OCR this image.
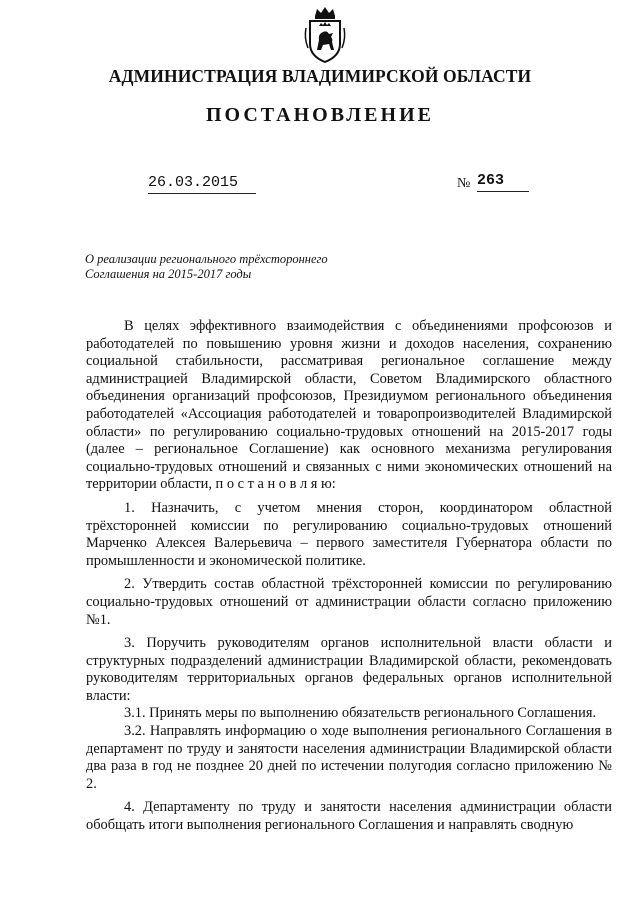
АДМИНИСТРАЦИЯ ВЛАДИМИРСКОЙ ОБЛАСТИ
ПОСТАНОВЛЕНИЕ
26.03.2015	№ 263
О реализации регионального трёхстороннего
Соглашения на 2015-2017 годы

В целях эффективного взаимодействия с объединениями профсоюзов и работодателей по повышению уровня жизни и доходов населения, сохранению социальной стабильности, рассматривая региональное соглашение между администрацией Владимирской области, Советом Владимирского областного объединения организаций профсоюзов, Президиумом регионального объединения работодателей «Ассоциация работодателей и товаропроизводителей Владимирской области» по регулированию социально-трудовых отношений на 2015-2017 годы (далее – региональное Соглашение) как основного механизма регулирования социально-трудовых отношений и связанных с ними экономических отношений на территории области, п о с т а н о в л я ю:

1. Назначить, с учетом мнения сторон, координатором областной трёхсторонней комиссии по регулированию социально-трудовых отношений Марченко Алексея Валерьевича – первого заместителя Губернатора области по промышленности и экономической политике.

2. Утвердить состав областной трёхсторонней комиссии по регулированию социально-трудовых отношений от администрации области согласно приложению №1.

3. Поручить руководителям органов исполнительной власти области и структурных подразделений администрации Владимирской области, рекомендовать руководителям территориальных органов федеральных органов исполнительной власти:

3.1. Принять меры по выполнению обязательств регионального Соглашения.

3.2. Направлять информацию о ходе выполнения регионального Соглашения в департамент по труду и занятости населения администрации Владимирской области два раза в год не позднее 20 дней по истечении полугодия согласно приложению № 2.

4. Департаменту по труду и занятости населения администрации области обобщать итоги выполнения регионального Соглашения и направлять сводную
